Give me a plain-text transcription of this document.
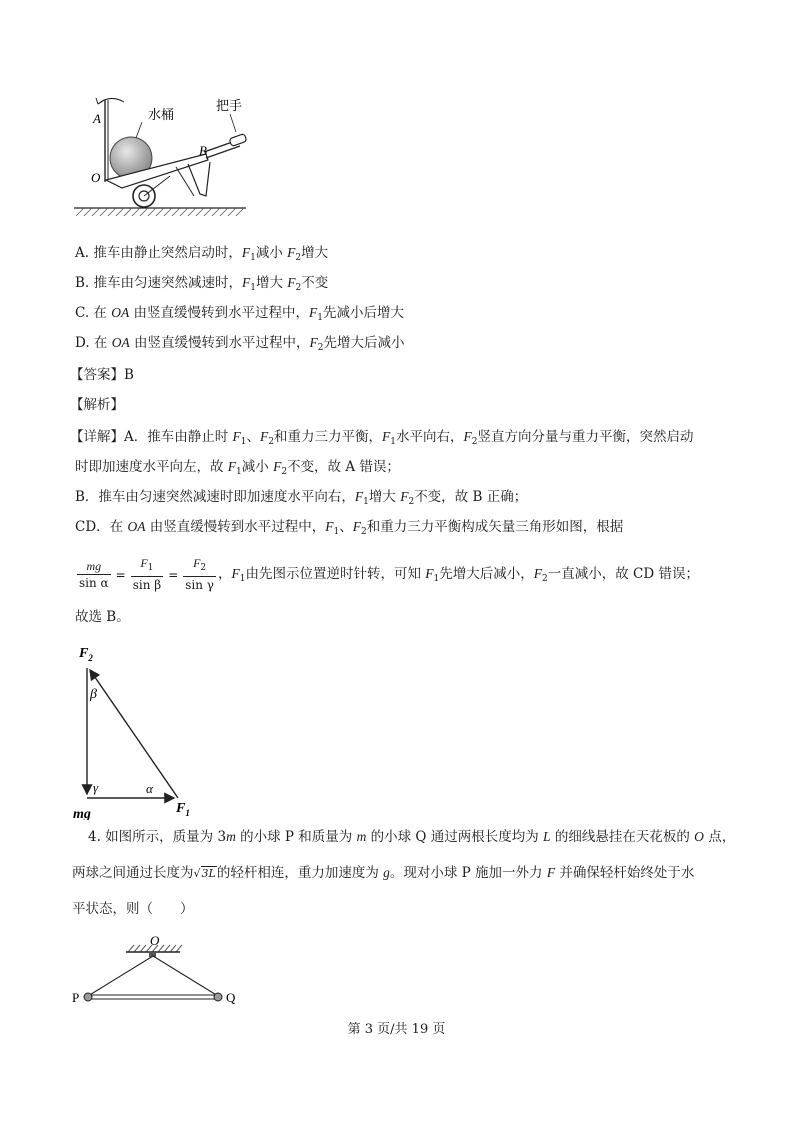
A
O
B
水桶
把手
A. 推车由静止突然启动时，$F_1$减小 $F_2$增大
B. 推车由匀速突然减速时，$F_1$增大 $F_2$不变
C. 在 OA 由竖直缓慢转到水平过程中，$F_1$先减小后增大
D. 在 OA 由竖直缓慢转到水平过程中，$F_2$先增大后减小
【答案】B
【解析】
【详解】A．推车由静止时 $F_1$、$F_2$和重力三力平衡，$F_1$水平向右，$F_2$竖直方向分量与重力平衡，突然启动
时即加速度水平向左，故 $F_1$减小 $F_2$不变，故 A 错误；
B．推车由匀速突然减速时即加速度水平向右，$F_1$增大 $F_2$不变，故 B 正确；
CD．在 OA 由竖直缓慢转到水平过程中，$F_1$、$F_2$和重力三力平衡构成矢量三角形如图，根据
$\frac{mg}{\text{sin α}} = \frac{F_1}{\text{sin β}} = \frac{F_2}{\text{sin γ}}$ ，$F_1$由先图示位置逆时针转，可知 $F_1$先增大后减小，$F_2$一直减小，故 CD 错误；
故选 B。
$F_2$
β
γ	α
mg	$F_1$
4. 如图所示，质量为 3m 的小球 P 和质量为 m 的小球 Q 通过两根长度均为 L 的细线悬挂在天花板的 O 点，
两球之间通过长度为√3L的轻杆相连，重力加速度为 g。现对小球 P 施加一外力 F 并确保轻杆始终处于水
平状态，则（　　）
O
P	Q
第 3 页/共 19 页
